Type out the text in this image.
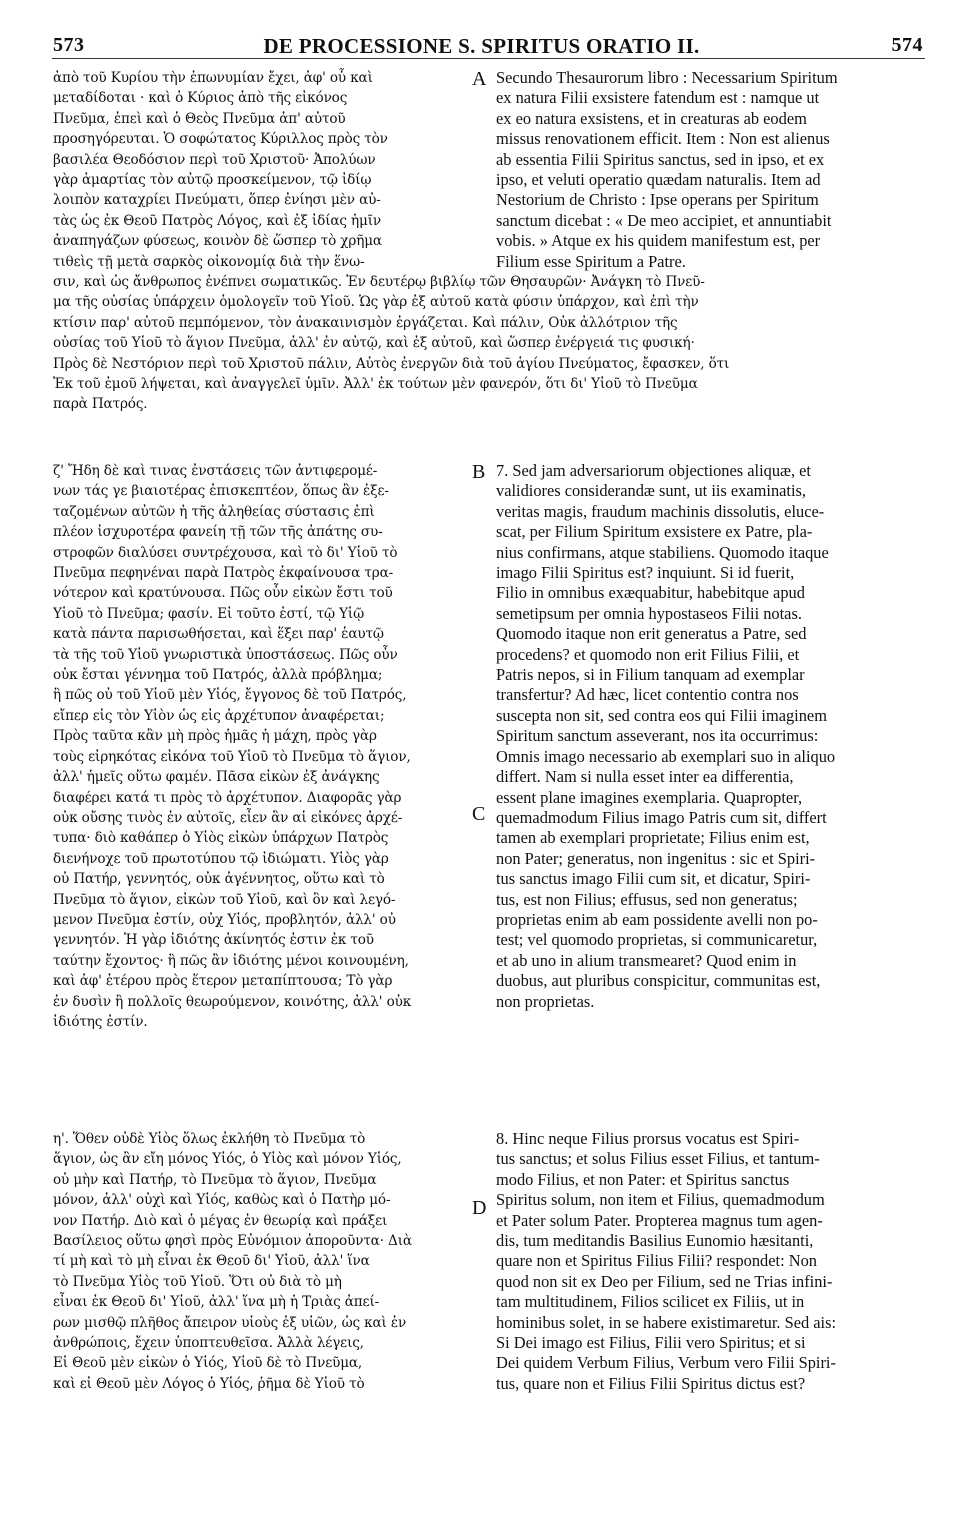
573	DE PROCESSIONE S. SPIRITUS ORATIO II.	574
ἀπὸ τοῦ Κυρίου τὴν ἐπωνυμίαν ἔχει, ἀφ' οὗ καὶ
μεταδίδοται · καὶ ὁ Κύριος ἀπὸ τῆς εἰκόνος
Πνεῦμα, ἐπεὶ καὶ ὁ Θεὸς Πνεῦμα ἀπ' αὐτοῦ
προσηγόρευται. Ὁ σοφώτατος Κύριλλος πρὸς τὸν
βασιλέα Θεοδόσιον περὶ τοῦ Χριστοῦ· Ἀπολύων
γὰρ ἁμαρτίας τὸν αὐτῷ προσκείμενον, τῷ ἰδίῳ
λοιπὸν καταχρίει Πνεύματι, ὅπερ ἐνίησι μὲν αὐ-
τὰς ὡς ἐκ Θεοῦ Πατρὸς Λόγος, καὶ ἐξ ἰδίας ἡμῖν
ἀναπηγάζων φύσεως, κοινὸν δὲ ὥσπερ τὸ χρῆμα
τιθεὶς τῇ μετὰ σαρκὸς οἰκονομίᾳ διὰ τὴν ἕνω-
A Secundo Thesaurorum libro : Necessarium Spiritum
ex natura Filii exsistere fatendum est : namque ut
ex eo natura exsistens, et in creaturas ab eodem
missus renovationem efficit. Item : Non est alienus
ab essentia Filii Spiritus sanctus, sed in ipso, et ex
ipso, et veluti operatio quædam naturalis. Item ad
Nestorium de Christo : Ipse operans per Spiritum
sanctum dicebat : « De meo accipiet, et annuntiabit
vobis. » Atque ex his quidem manifestum est, per
Filium esse Spiritum a Patre.
σιν, καὶ ὡς ἄνθρωπος ἐνέπνει σωματικῶς. Ἐν δευτέρῳ βιβλίῳ τῶν Θησαυρῶν· Ἀνάγκη τὸ Πνεῦ-
μα τῆς οὐσίας ὑπάρχειν ὁμολογεῖν τοῦ Υἱοῦ. Ὡς γὰρ ἐξ αὐτοῦ κατὰ φύσιν ὑπάρχον, καὶ ἐπὶ τὴν
κτίσιν παρ' αὐτοῦ πεμπόμενον, τὸν ἀνακαινισμὸν ἐργάζεται. Καὶ πάλιν, Οὐκ ἀλλότριον τῆς
οὐσίας τοῦ Υἱοῦ τὸ ἅγιον Πνεῦμα, ἀλλ' ἐν αὐτῷ, καὶ ἐξ αὐτοῦ, καὶ ὥσπερ ἐνέργειά τις φυσική·
Πρὸς δὲ Νεστόριον περὶ τοῦ Χριστοῦ πάλιν, Αὐτὸς ἐνεργῶν διὰ τοῦ ἁγίου Πνεύματος, ἔφασκεν, ὅτι
Ἐκ τοῦ ἐμοῦ λήψεται, καὶ ἀναγγελεῖ ὑμῖν. Ἀλλ' ἐκ τούτων μὲν φανερόν, ὅτι δι' Υἱοῦ τὸ Πνεῦμα
παρὰ Πατρός.
ζ' Ἤδη δὲ καὶ τινας ἐνστάσεις τῶν ἀντιφερομέ-
νων τάς γε βιαιοτέρας ἐπισκεπτέον, ὅπως ἂν ἐξε-
ταζομένων αὐτῶν ἡ τῆς ἀληθείας σύστασις ἐπὶ
πλέον ἰσχυροτέρα φανείη τῇ τῶν τῆς ἀπάτης συ-
στροφῶν διαλύσει συντρέχουσα, καὶ τὸ δι' Υἱοῦ τὸ
Πνεῦμα πεφηνέναι παρὰ Πατρὸς ἐκφαίνουσα τρα-
νότερον καὶ κρατύνουσα. Πῶς οὖν εἰκὼν ἔστι τοῦ
Υἱοῦ τὸ Πνεῦμα; φασίν. Εἰ τοῦτο ἐστί, τῷ Υἱῷ
κατὰ πάντα παρισωθήσεται, καὶ ἕξει παρ' ἑαυτῷ
τὰ τῆς τοῦ Υἱοῦ γνωριστικὰ ὑποστάσεως. Πῶς οὖν
οὐκ ἔσται γέννημα τοῦ Πατρός, ἀλλὰ πρόβλημα;
ἢ πῶς οὐ τοῦ Υἱοῦ μὲν Υἱός, ἔγγονος δὲ τοῦ Πατρός,
εἴπερ εἰς τὸν Υἱὸν ὡς εἰς ἀρχέτυπον ἀναφέρεται;
Πρὸς ταῦτα κἂν μὴ πρὸς ἡμᾶς ἡ μάχη, πρὸς γὰρ
τοὺς εἰρηκότας εἰκόνα τοῦ Υἱοῦ τὸ Πνεῦμα τὸ ἅγιον,
ἀλλ' ἡμεῖς οὕτω φαμέν. Πᾶσα εἰκὼν ἐξ ἀνάγκης
διαφέρει κατά τι πρὸς τὸ ἀρχέτυπον. Διαφορᾶς γὰρ
οὐκ οὔσης τινὸς ἐν αὐτοῖς, εἶεν ἂν αἱ εἰκόνες ἀρχέ-
τυπα· διὸ καθάπερ ὁ Υἱὸς εἰκὼν ὑπάρχων Πατρὸς
διενήνοχε τοῦ πρωτοτύπου τῷ ἰδιώματι. Υἱὸς γὰρ
οὐ Πατήρ, γεννητός, οὐκ ἀγέννητος, οὕτω καὶ τὸ
Πνεῦμα τὸ ἅγιον, εἰκὼν τοῦ Υἱοῦ, καὶ ὂν καὶ λεγό-
μενον Πνεῦμα ἐστίν, οὐχ Υἱός, προβλητόν, ἀλλ' οὐ
γεννητόν. Ἡ γὰρ ἰδιότης ἀκίνητός ἐστιν ἐκ τοῦ
ταύτην ἔχοντος· ἢ πῶς ἂν ἰδιότης μένοι κοινουμένη,
καὶ ἀφ' ἑτέρου πρὸς ἕτερον μεταπίπτουσα; Τὸ γὰρ
ἐν δυσὶν ἢ πολλοῖς θεωρούμενον, κοινότης, ἀλλ' οὐκ
ἰδιότης ἐστίν.
B
C
7. Sed jam adversariorum objectiones aliquæ, et
validiores considerandæ sunt, ut iis examinatis,
veritas magis, fraudum machinis dissolutis, eluce-
scat, per Filium Spiritum exsistere ex Patre, pla-
nius confirmans, atque stabiliens. Quomodo itaque
imago Filii Spiritus est? inquiunt. Si id fuerit,
Filio in omnibus exæquabitur, habebitque apud
semetipsum per omnia hypostaseos Filii notas.
Quomodo itaque non erit generatus a Patre, sed
procedens? et quomodo non erit Filius Filii, et
Patris nepos, si in Filium tanquam ad exemplar
transfertur? Ad hæc, licet contentio contra nos
suscepta non sit, sed contra eos qui Filii imaginem
Spiritum sanctum asseverant, nos ita occurrimus:
Omnis imago necessario ab exemplari suo in aliquo
differt. Nam si nulla esset inter ea differentia,
essent plane imagines exemplaria. Quapropter,
quemadmodum Filius imago Patris cum sit, differt
tamen ab exemplari proprietate; Filius enim est,
non Pater; generatus, non ingenitus : sic et Spiri-
tus sanctus imago Filii cum sit, et dicatur, Spiri-
tus, est non Filius; effusus, sed non generatus;
proprietas enim ab eam possidente avelli non po-
test; vel quomodo proprietas, si communicaretur,
et ab uno in alium transmearet? Quod enim in
duobus, aut pluribus conspicitur, communitas est,
non proprietas.
η'. Ὅθεν οὐδὲ Υἱὸς ὅλως ἐκλήθη τὸ Πνεῦμα τὸ
ἅγιον, ὡς ἂν εἴη μόνος Υἱός, ὁ Υἱὸς καὶ μόνον Υἱός,
οὐ μὴν καὶ Πατήρ, τὸ Πνεῦμα τὸ ἅγιον, Πνεῦμα
μόνον, ἀλλ' οὐχὶ καὶ Υἱός, καθὼς καὶ ὁ Πατὴρ μό-
νον Πατήρ. Διὸ καὶ ὁ μέγας ἐν θεωρίᾳ καὶ πράξει
Βασίλειος οὕτω φησὶ πρὸς Εὐνόμιον ἀποροῦντα· Διὰ
τί μὴ καὶ τὸ μὴ εἶναι ἐκ Θεοῦ δι' Υἱοῦ, ἀλλ' ἵνα
τὸ Πνεῦμα Υἱὸς τοῦ Υἱοῦ. Ὅτι οὐ διὰ τὸ μὴ
εἶναι ἐκ Θεοῦ δι' Υἱοῦ, ἀλλ' ἵνα μὴ ἡ Τριὰς ἀπεί-
ρων μισθῷ πλῆθος ἄπειρον υἱοὺς ἐξ υἱῶν, ὡς καὶ ἐν
ἀνθρώποις, ἔχειν ὑποπτευθεῖσα. Ἀλλὰ λέγεις,
Εἰ Θεοῦ μὲν εἰκὼν ὁ Υἱός, Υἱοῦ δὲ τὸ Πνεῦμα,
καὶ εἰ Θεοῦ μὲν Λόγος ὁ Υἱός, ῥῆμα δὲ Υἱοῦ τὸ
D
8. Hinc neque Filius prorsus vocatus est Spiri-
tus sanctus; et solus Filius esset Filius, et tantum-
modo Filius, et non Pater: et Spiritus sanctus
Spiritus solum, non item et Filius, quemadmodum
et Pater solum Pater. Propterea magnus tum agen-
dis, tum meditandis Basilius Eunomio hæsitanti,
quare non et Spiritus Filius Filii? respondet: Non
quod non sit ex Deo per Filium, sed ne Trias infini-
tam multitudinem, Filios scilicet ex Filiis, ut in
hominibus solet, in se habere existimaretur. Sed ais:
Si Dei imago est Filius, Filii vero Spiritus; et si
Dei quidem Verbum Filius, Verbum vero Filii Spiri-
tus, quare non et Filius Filii Spiritus dictus est?
